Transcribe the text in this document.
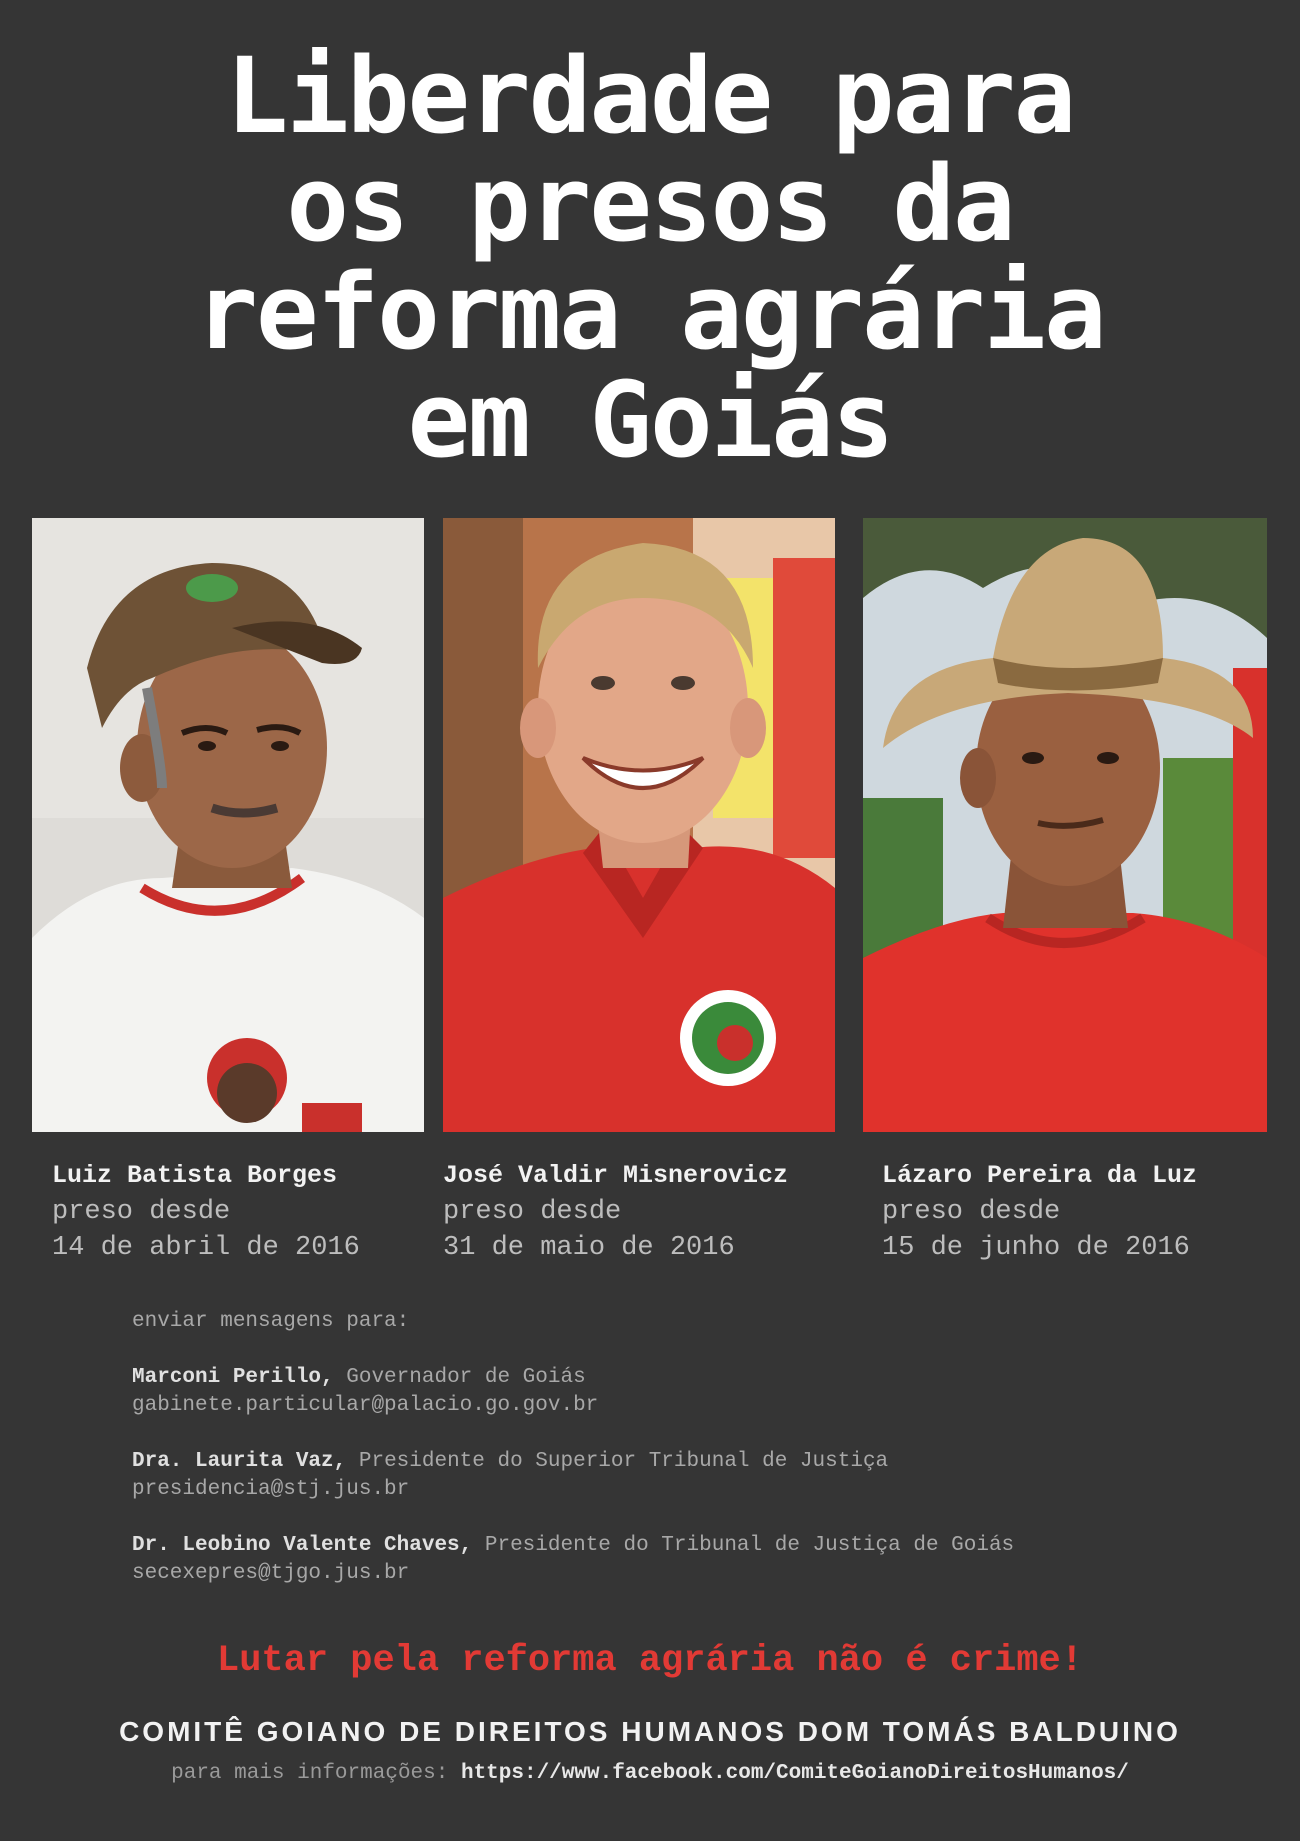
Liberdade para
os presos da
reforma agrária
em Goiás
Luiz Batista Borges
preso desde
14 de abril de 2016
José Valdir Misnerovicz
preso desde
31 de maio de 2016
Lázaro Pereira da Luz
preso desde
15 de junho de 2016
enviar mensagens para:
Marconi Perillo, Governador de Goiás
gabinete.particular@palacio.go.gov.br
Dra. Laurita Vaz, Presidente do Superior Tribunal de Justiça
presidencia@stj.jus.br
Dr. Leobino Valente Chaves, Presidente do Tribunal de Justiça de Goiás
secexepres@tjgo.jus.br
Lutar pela reforma agrária não é crime!
COMITÊ GOIANO DE DIREITOS HUMANOS DOM TOMÁS BALDUINO
para mais informações: https://www.facebook.com/ComiteGoianoDireitosHumanos/
